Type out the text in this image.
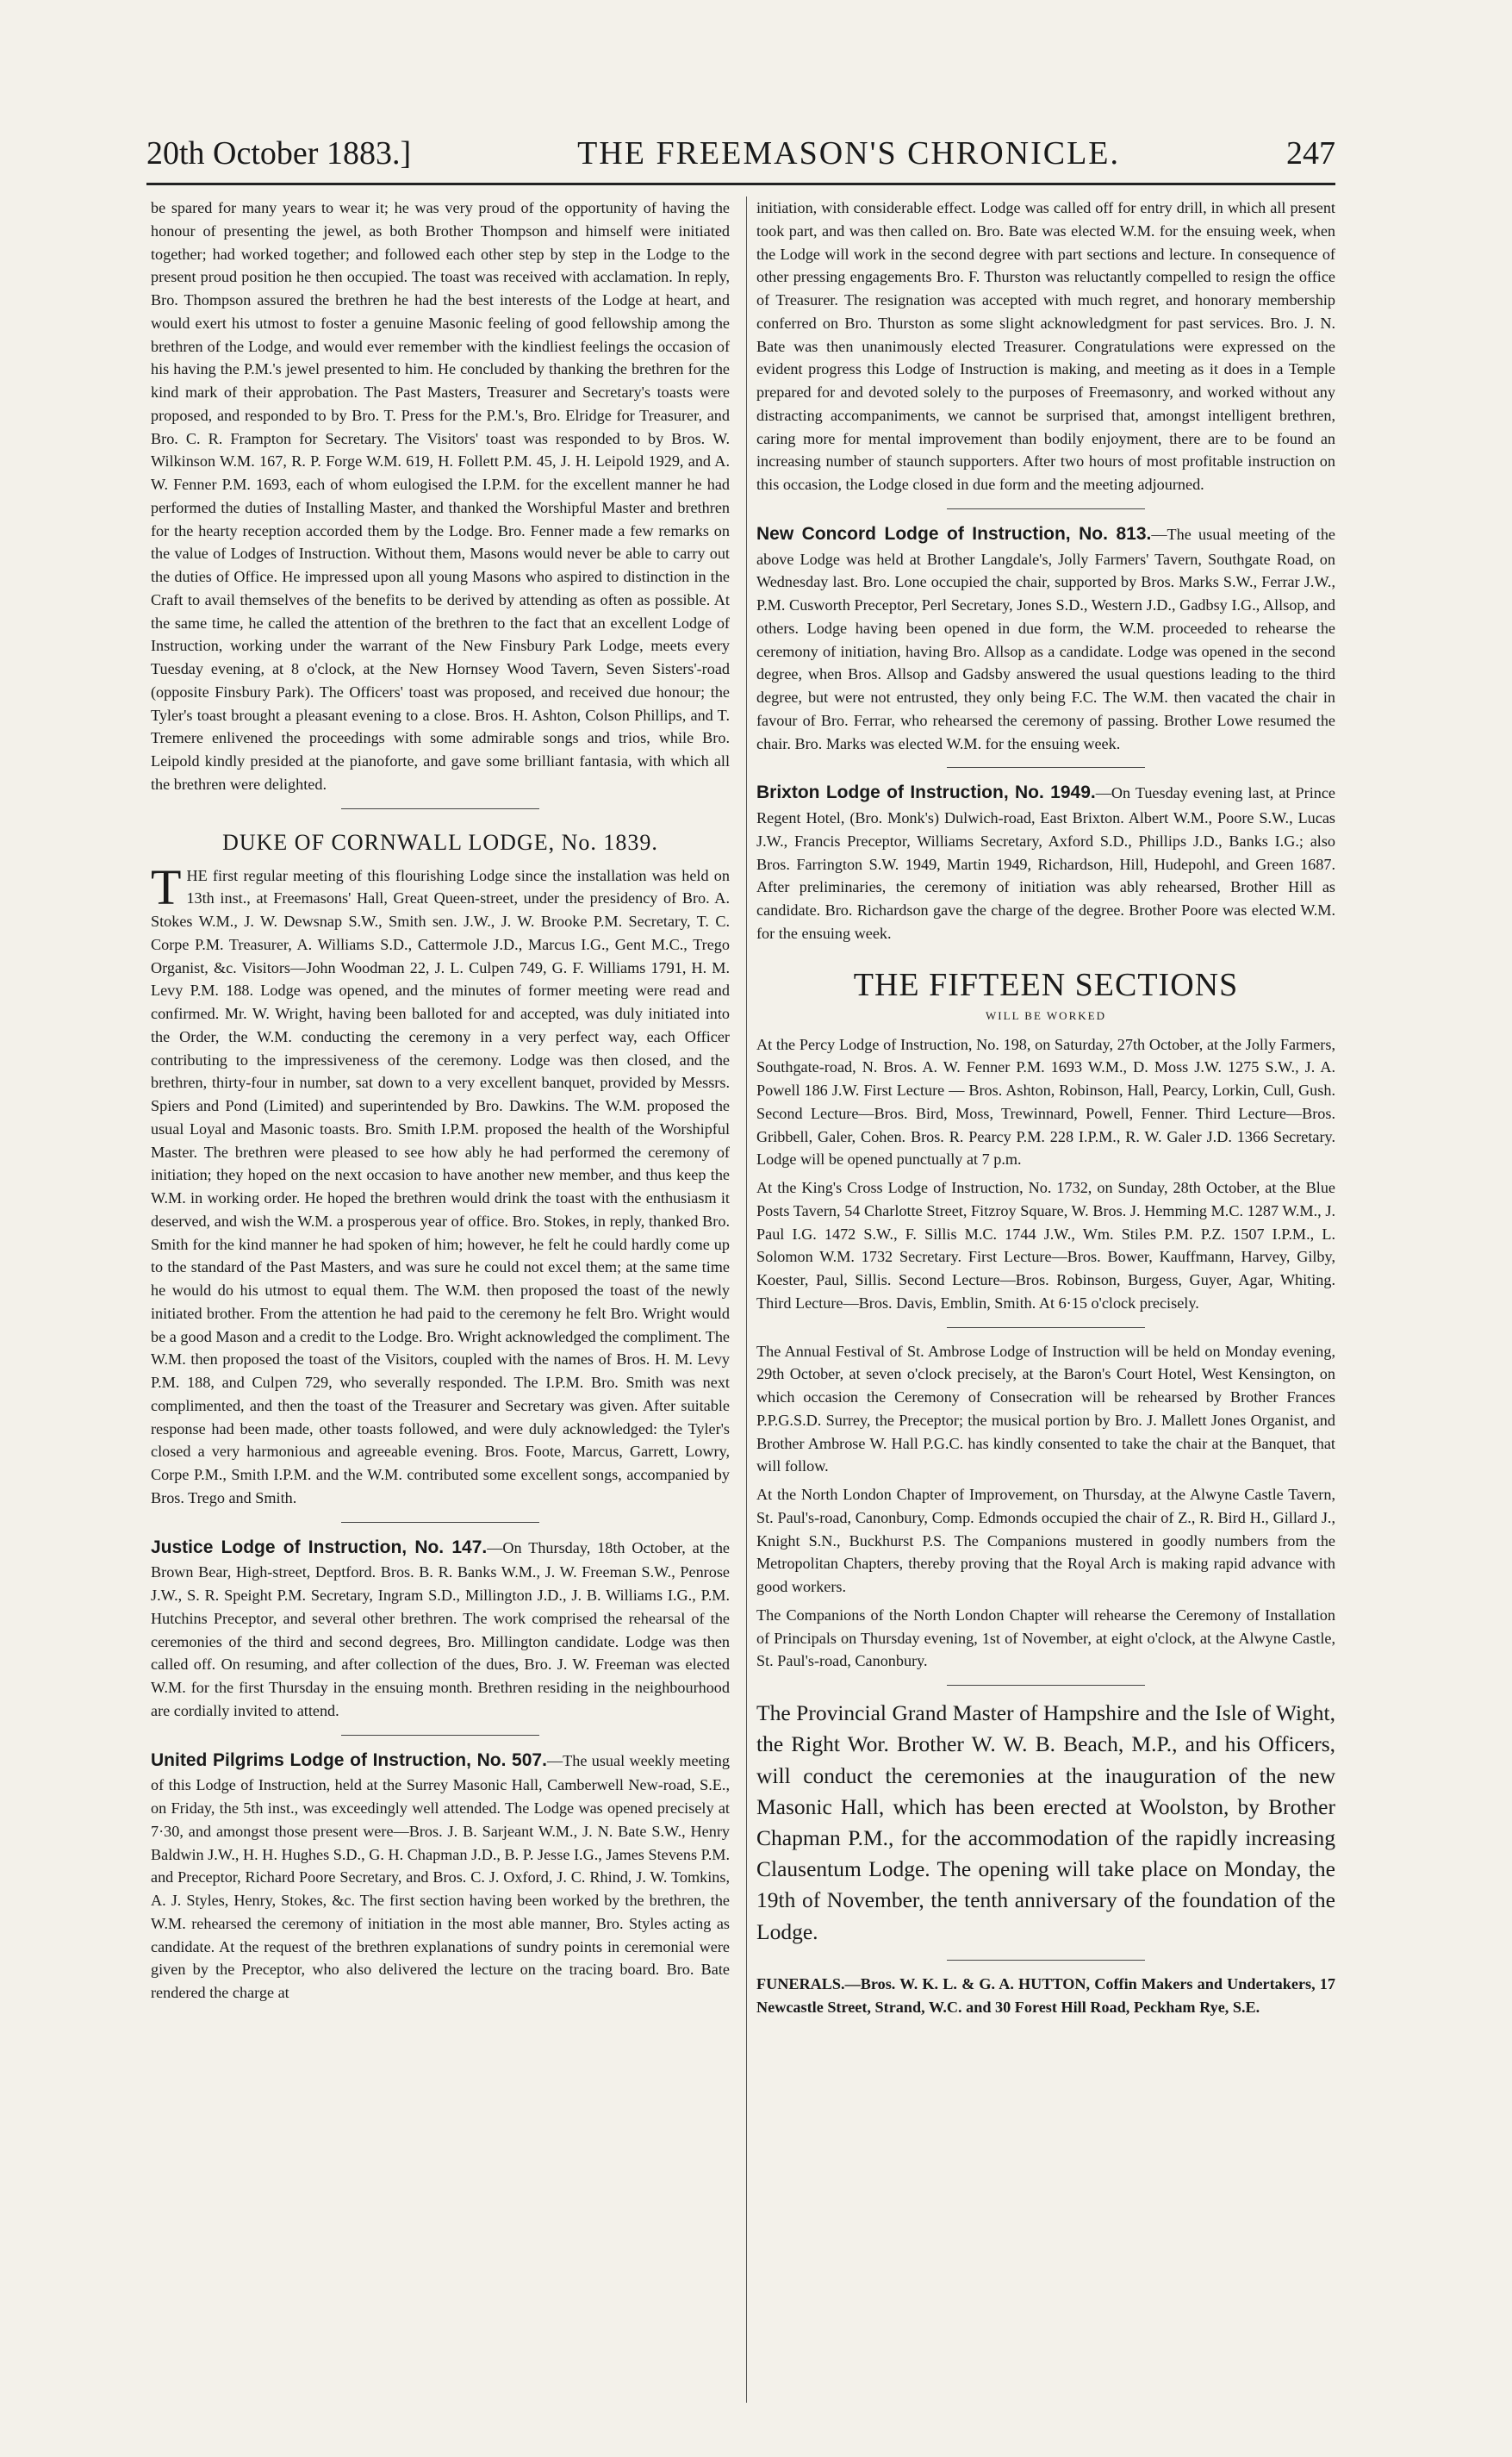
20th October 1883.]	THE FREEMASON'S CHRONICLE.	247

be spared for many years to wear it; he was very proud of the opportunity of having the honour of presenting the jewel, as both Brother Thompson and himself were initiated together; had worked together; and followed each other step by step in the Lodge to the present proud position he then occupied. The toast was received with acclamation. In reply, Bro. Thompson assured the brethren he had the best interests of the Lodge at heart, and would exert his utmost to foster a genuine Masonic feeling of good fellowship among the brethren of the Lodge, and would ever remember with the kindliest feelings the occasion of his having the P.M.'s jewel presented to him. He concluded by thanking the brethren for the kind mark of their approbation. The Past Masters, Treasurer and Secretary's toasts were proposed, and responded to by Bro. T. Press for the P.M.'s, Bro. Elridge for Treasurer, and Bro. C. R. Frampton for Secretary. The Visitors' toast was responded to by Bros. W. Wilkinson W.M. 167, R. P. Forge W.M. 619, H. Follett P.M. 45, J. H. Leipold 1929, and A. W. Fenner P.M. 1693, each of whom eulogised the I.P.M. for the excellent manner he had performed the duties of Installing Master, and thanked the Worshipful Master and brethren for the hearty reception accorded them by the Lodge. Bro. Fenner made a few remarks on the value of Lodges of Instruction. Without them, Masons would never be able to carry out the duties of Office. He impressed upon all young Masons who aspired to distinction in the Craft to avail themselves of the benefits to be derived by attending as often as possible. At the same time, he called the attention of the brethren to the fact that an excellent Lodge of Instruction, working under the warrant of the New Finsbury Park Lodge, meets every Tuesday evening, at 8 o'clock, at the New Hornsey Wood Tavern, Seven Sisters'-road (opposite Finsbury Park). The Officers' toast was proposed, and received due honour; the Tyler's toast brought a pleasant evening to a close. Bros. H. Ashton, Colson Phillips, and T. Tremere enlivened the proceedings with some admirable songs and trios, while Bro. Leipold kindly presided at the pianoforte, and gave some brilliant fantasia, with which all the brethren were delighted.

DUKE OF CORNWALL LODGE, No. 1839.

THE first regular meeting of this flourishing Lodge since the installation was held on 13th inst., at Freemasons' Hall, Great Queen-street, under the presidency of Bro. A. Stokes W.M., J. W. Dewsnap S.W., Smith sen. J.W., J. W. Brooke P.M. Secretary, T. C. Corpe P.M. Treasurer, A. Williams S.D., Cattermole J.D., Marcus I.G., Gent M.C., Trego Organist, &c. Visitors—John Woodman 22, J. L. Culpen 749, G. F. Williams 1791, H. M. Levy P.M. 188. Lodge was opened, and the minutes of former meeting were read and confirmed. Mr. W. Wright, having been balloted for and accepted, was duly initiated into the Order, the W.M. conducting the ceremony in a very perfect way, each Officer contributing to the impressiveness of the ceremony. Lodge was then closed, and the brethren, thirty-four in number, sat down to a very excellent banquet, provided by Messrs. Spiers and Pond (Limited) and superintended by Bro. Dawkins. The W.M. proposed the usual Loyal and Masonic toasts. Bro. Smith I.P.M. proposed the health of the Worshipful Master. The brethren were pleased to see how ably he had performed the ceremony of initiation; they hoped on the next occasion to have another new member, and thus keep the W.M. in working order. He hoped the brethren would drink the toast with the enthusiasm it deserved, and wish the W.M. a prosperous year of office. Bro. Stokes, in reply, thanked Bro. Smith for the kind manner he had spoken of him; however, he felt he could hardly come up to the standard of the Past Masters, and was sure he could not excel them; at the same time he would do his utmost to equal them. The W.M. then proposed the toast of the newly initiated brother. From the attention he had paid to the ceremony he felt Bro. Wright would be a good Mason and a credit to the Lodge. Bro. Wright acknowledged the compliment. The W.M. then proposed the toast of the Visitors, coupled with the names of Bros. H. M. Levy P.M. 188, and Culpen 729, who severally responded. The I.P.M. Bro. Smith was next complimented, and then the toast of the Treasurer and Secretary was given. After suitable response had been made, other toasts followed, and were duly acknowledged: the Tyler's closed a very harmonious and agreeable evening. Bros. Foote, Marcus, Garrett, Lowry, Corpe P.M., Smith I.P.M. and the W.M. contributed some excellent songs, accompanied by Bros. Trego and Smith.

Justice Lodge of Instruction, No. 147.—On Thursday, 18th October, at the Brown Bear, High-street, Deptford. Bros. B. R. Banks W.M., J. W. Freeman S.W., Penrose J.W., S. R. Speight P.M. Secretary, Ingram S.D., Millington J.D., J. B. Williams I.G., P.M. Hutchins Preceptor, and several other brethren. The work comprised the rehearsal of the ceremonies of the third and second degrees, Bro. Millington candidate. Lodge was then called off. On resuming, and after collection of the dues, Bro. J. W. Freeman was elected W.M. for the first Thursday in the ensuing month. Brethren residing in the neighbourhood are cordially invited to attend.

United Pilgrims Lodge of Instruction, No. 507.—The usual weekly meeting of this Lodge of Instruction, held at the Surrey Masonic Hall, Camberwell New-road, S.E., on Friday, the 5th inst., was exceedingly well attended. The Lodge was opened precisely at 7·30, and amongst those present were—Bros. J. B. Sarjeant W.M., J. N. Bate S.W., Henry Baldwin J.W., H. H. Hughes S.D., G. H. Chapman J.D., B. P. Jesse I.G., James Stevens P.M. and Preceptor, Richard Poore Secretary, and Bros. C. J. Oxford, J. C. Rhind, J. W. Tomkins, A. J. Styles, Henry, Stokes, &c. The first section having been worked by the brethren, the W.M. rehearsed the ceremony of initiation in the most able manner, Bro. Styles acting as candidate. At the request of the brethren explanations of sundry points in ceremonial were given by the Preceptor, who also delivered the lecture on the tracing board. Bro. Bate rendered the charge at

initiation, with considerable effect. Lodge was called off for entry drill, in which all present took part, and was then called on. Bro. Bate was elected W.M. for the ensuing week, when the Lodge will work in the second degree with part sections and lecture. In consequence of other pressing engagements Bro. F. Thurston was reluctantly compelled to resign the office of Treasurer. The resignation was accepted with much regret, and honorary membership conferred on Bro. Thurston as some slight acknowledgment for past services. Bro. J. N. Bate was then unanimously elected Treasurer. Congratulations were expressed on the evident progress this Lodge of Instruction is making, and meeting as it does in a Temple prepared for and devoted solely to the purposes of Freemasonry, and worked without any distracting accompaniments, we cannot be surprised that, amongst intelligent brethren, caring more for mental improvement than bodily enjoyment, there are to be found an increasing number of staunch supporters. After two hours of most profitable instruction on this occasion, the Lodge closed in due form and the meeting adjourned.

New Concord Lodge of Instruction, No. 813.—The usual meeting of the above Lodge was held at Brother Langdale's, Jolly Farmers' Tavern, Southgate Road, on Wednesday last. Bro. Lone occupied the chair, supported by Bros. Marks S.W., Ferrar J.W., P.M. Cusworth Preceptor, Perl Secretary, Jones S.D., Western J.D., Gadbsy I.G., Allsop, and others. Lodge having been opened in due form, the W.M. proceeded to rehearse the ceremony of initiation, having Bro. Allsop as a candidate. Lodge was opened in the second degree, when Bros. Allsop and Gadsby answered the usual questions leading to the third degree, but were not entrusted, they only being F.C. The W.M. then vacated the chair in favour of Bro. Ferrar, who rehearsed the ceremony of passing. Brother Lowe resumed the chair. Bro. Marks was elected W.M. for the ensuing week.

Brixton Lodge of Instruction, No. 1949.—On Tuesday evening last, at Prince Regent Hotel, (Bro. Monk's) Dulwich-road, East Brixton. Albert W.M., Poore S.W., Lucas J.W., Francis Preceptor, Williams Secretary, Axford S.D., Phillips J.D., Banks I.G.; also Bros. Farrington S.W. 1949, Martin 1949, Richardson, Hill, Hudepohl, and Green 1687. After preliminaries, the ceremony of initiation was ably rehearsed, Brother Hill as candidate. Bro. Richardson gave the charge of the degree. Brother Poore was elected W.M. for the ensuing week.

THE FIFTEEN SECTIONS
WILL BE WORKED

At the Percy Lodge of Instruction, No. 198, on Saturday, 27th October, at the Jolly Farmers, Southgate-road, N. Bros. A. W. Fenner P.M. 1693 W.M., D. Moss J.W. 1275 S.W., J. A. Powell 186 J.W. First Lecture — Bros. Ashton, Robinson, Hall, Pearcy, Lorkin, Cull, Gush. Second Lecture—Bros. Bird, Moss, Trewinnard, Powell, Fenner. Third Lecture—Bros. Gribbell, Galer, Cohen. Bros. R. Pearcy P.M. 228 I.P.M., R. W. Galer J.D. 1366 Secretary. Lodge will be opened punctually at 7 p.m.

At the King's Cross Lodge of Instruction, No. 1732, on Sunday, 28th October, at the Blue Posts Tavern, 54 Charlotte Street, Fitzroy Square, W. Bros. J. Hemming M.C. 1287 W.M., J. Paul I.G. 1472 S.W., F. Sillis M.C. 1744 J.W., Wm. Stiles P.M. P.Z. 1507 I.P.M., L. Solomon W.M. 1732 Secretary. First Lecture—Bros. Bower, Kauffmann, Harvey, Gilby, Koester, Paul, Sillis. Second Lecture—Bros. Robinson, Burgess, Guyer, Agar, Whiting. Third Lecture—Bros. Davis, Emblin, Smith. At 6·15 o'clock precisely.

The Annual Festival of St. Ambrose Lodge of Instruction will be held on Monday evening, 29th October, at seven o'clock precisely, at the Baron's Court Hotel, West Kensington, on which occasion the Ceremony of Consecration will be rehearsed by Brother Frances P.P.G.S.D. Surrey, the Preceptor; the musical portion by Bro. J. Mallett Jones Organist, and Brother Ambrose W. Hall P.G.C. has kindly consented to take the chair at the Banquet, that will follow.

At the North London Chapter of Improvement, on Thursday, at the Alwyne Castle Tavern, St. Paul's-road, Canonbury, Comp. Edmonds occupied the chair of Z., R. Bird H., Gillard J., Knight S.N., Buckhurst P.S. The Companions mustered in goodly numbers from the Metropolitan Chapters, thereby proving that the Royal Arch is making rapid advance with good workers.

The Companions of the North London Chapter will rehearse the Ceremony of Installation of Principals on Thursday evening, 1st of November, at eight o'clock, at the Alwyne Castle, St. Paul's-road, Canonbury.

The Provincial Grand Master of Hampshire and the Isle of Wight, the Right Wor. Brother W. W. B. Beach, M.P., and his Officers, will conduct the ceremonies at the inauguration of the new Masonic Hall, which has been erected at Woolston, by Brother Chapman P.M., for the accommodation of the rapidly increasing Clausentum Lodge. The opening will take place on Monday, the 19th of November, the tenth anniversary of the foundation of the Lodge.

FUNERALS.—Bros. W. K. L. & G. A. HUTTON, Coffin Makers and Undertakers, 17 Newcastle Street, Strand, W.C. and 30 Forest Hill Road, Peckham Rye, S.E.
